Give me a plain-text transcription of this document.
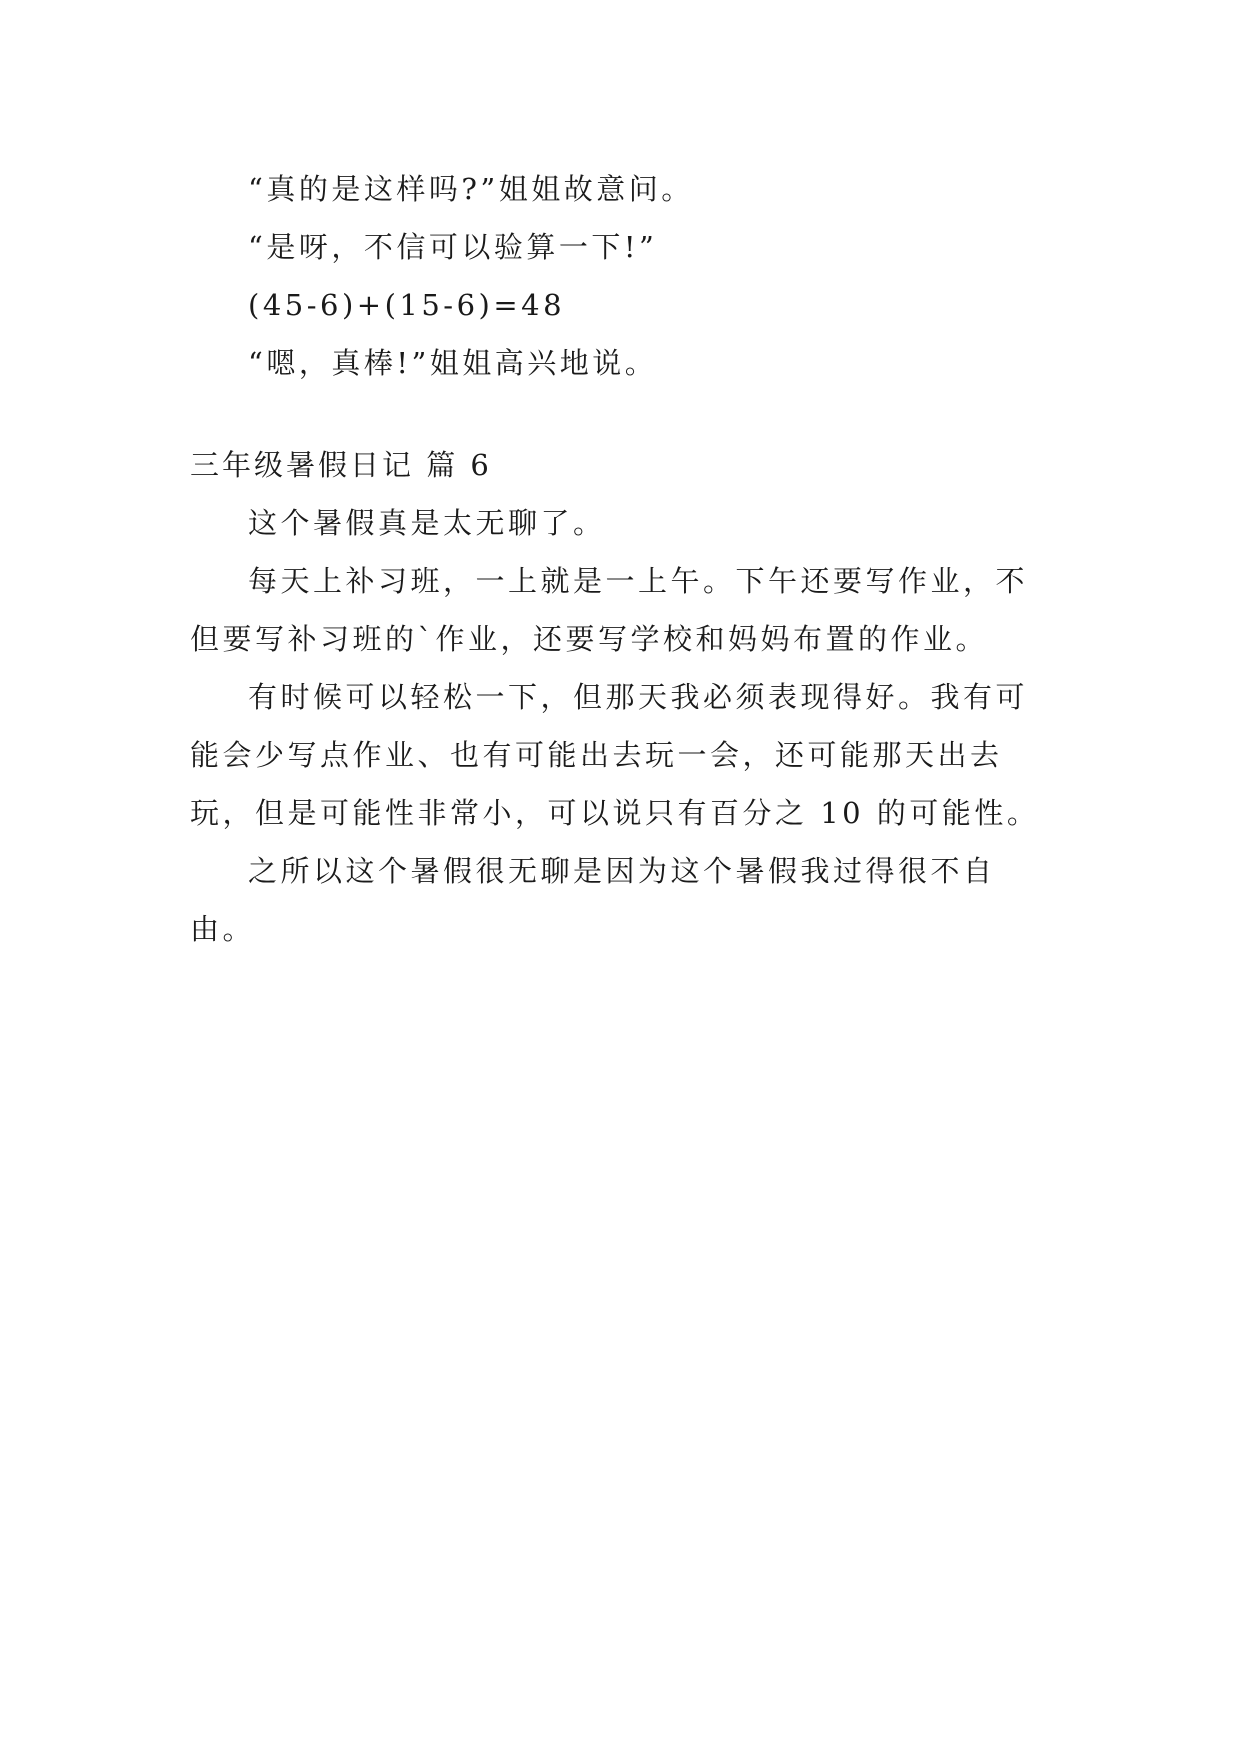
“真的是这样吗?”姐姐故意问。

“是呀，不信可以验算一下!”

(45-6)+(15-6)=48

“嗯，真棒!”姐姐高兴地说。

三年级暑假日记 篇 6

这个暑假真是太无聊了。

每天上补习班，一上就是一上午。下午还要写作业，不但要写补习班的`作业，还要写学校和妈妈布置的作业。

有时候可以轻松一下，但那天我必须表现得好。我有可能会少写点作业、也有可能出去玩一会，还可能那天出去玩，但是可能性非常小，可以说只有百分之 10 的可能性。

之所以这个暑假很无聊是因为这个暑假我过得很不自由。
